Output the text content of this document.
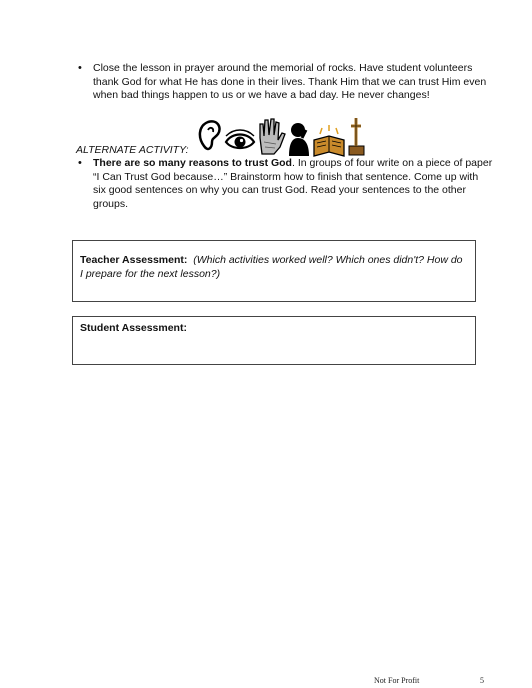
• Close the lesson in prayer around the memorial of rocks. Have student volunteers thank God for what He has done in their lives. Thank Him that we can trust Him even when bad things happen to us or we have a bad day. He never changes!
ALTERNATE ACTIVITY:
• There are so many reasons to trust God. In groups of four write on a piece of paper “I Can Trust God because…” Brainstorm how to finish that sentence. Come up with six good sentences on why you can trust God. Read your sentences to the other groups.
Teacher Assessment: (Which activities worked well? Which ones didn't? How do I prepare for the next lesson?)
Student Assessment:
Not For Profit	5
